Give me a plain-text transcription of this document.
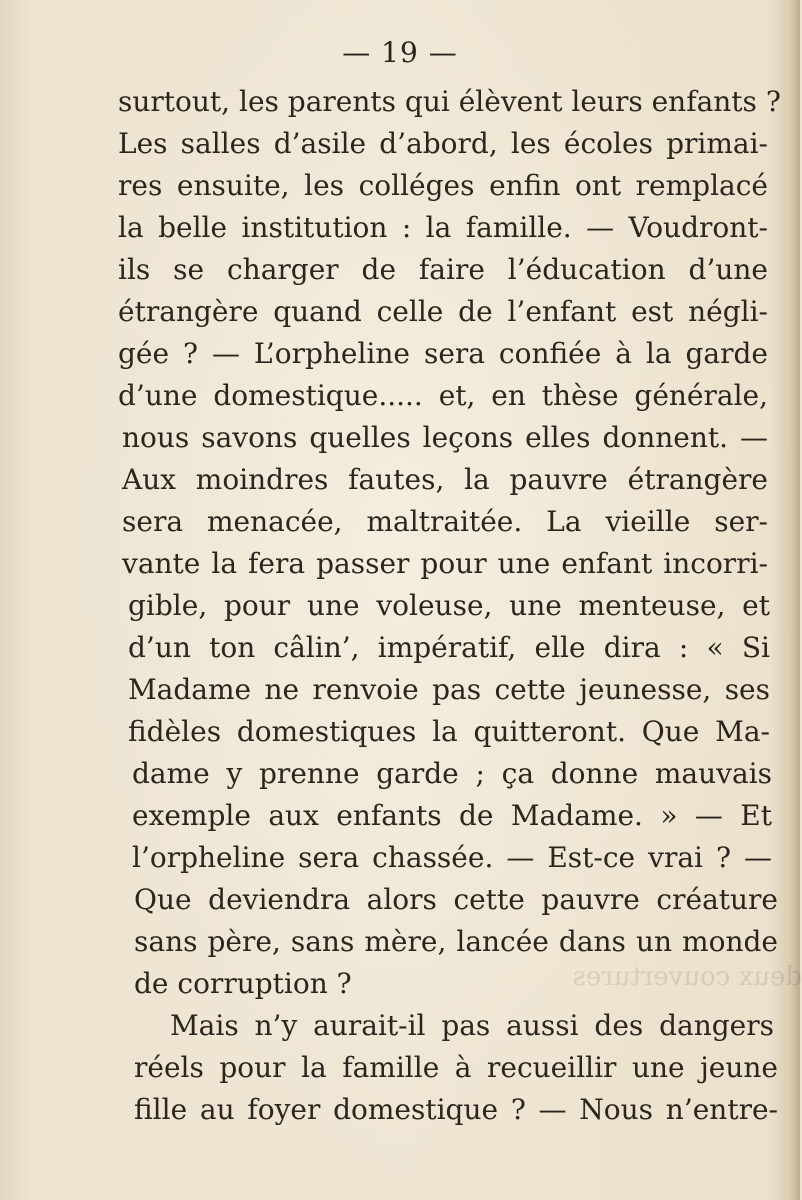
deux couvertures
— 19 —
surtout, les parents qui élèvent leurs enfants ?
Les salles d’asile d’abord, les écoles primai-
res ensuite, les colléges enfin ont remplacé
la belle institution : la famille. — Voudront-
ils se charger de faire l’éducation d’une
étrangère quand celle de l’enfant est négli-
gée ? — L’orpheline sera confiée à la garde
d’une domestique..... et, en thèse générale,
nous savons quelles leçons elles donnent. —
Aux moindres fautes, la pauvre étrangère
sera menacée, maltraitée. La vieille ser-
vante la fera passer pour une enfant incorri-
gible, pour une voleuse, une menteuse, et
d’un ton câlin’, impératif, elle dira : « Si
Madame ne renvoie pas cette jeunesse, ses
fidèles domestiques la quitteront. Que Ma-
dame y prenne garde ; ça donne mauvais
exemple aux enfants de Madame. » — Et
l’orpheline sera chassée. — Est-ce vrai ? —
Que deviendra alors cette pauvre créature
sans père, sans mère, lancée dans un monde
de corruption ?
Mais n’y aurait-il pas aussi des dangers
réels pour la famille à recueillir une jeune
fille au foyer domestique ? — Nous n’entre-
